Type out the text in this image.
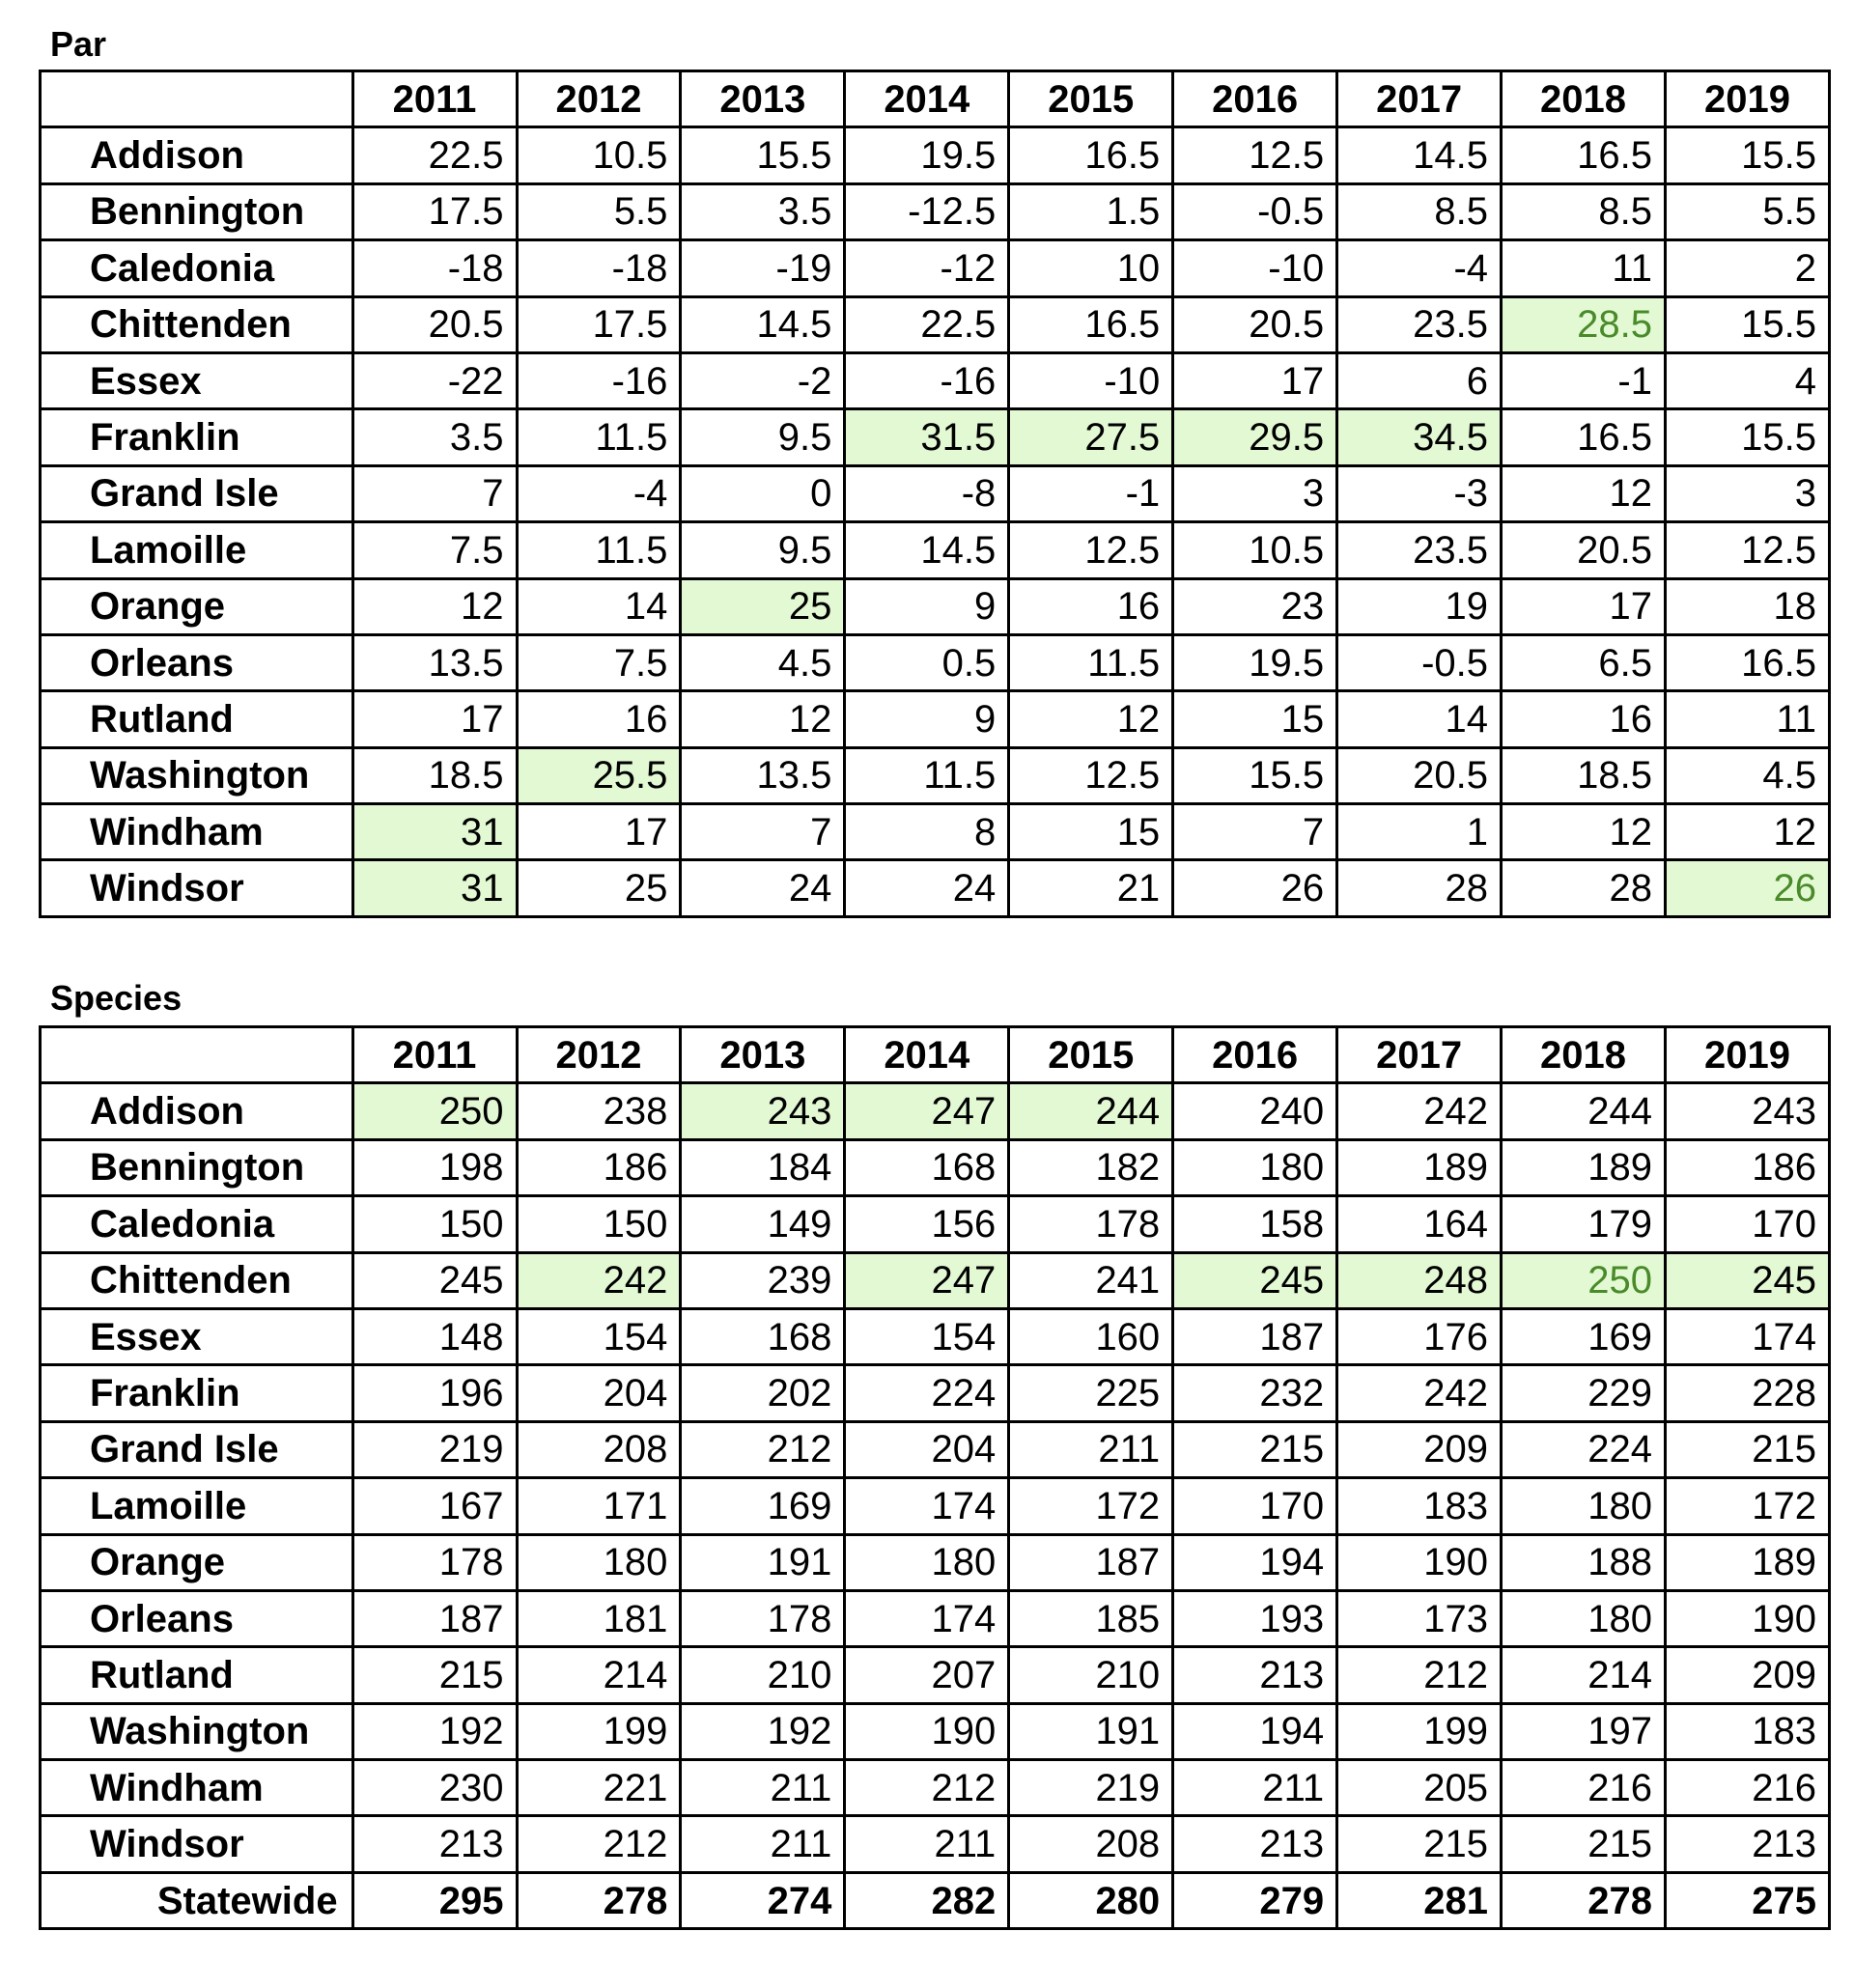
Par
	2011	2012	2013	2014	2015	2016	2017	2018	2019
Addison	22.5	10.5	15.5	19.5	16.5	12.5	14.5	16.5	15.5
Bennington	17.5	5.5	3.5	-12.5	1.5	-0.5	8.5	8.5	5.5
Caledonia	-18	-18	-19	-12	10	-10	-4	11	2
Chittenden	20.5	17.5	14.5	22.5	16.5	20.5	23.5	28.5	15.5
Essex	-22	-16	-2	-16	-10	17	6	-1	4
Franklin	3.5	11.5	9.5	31.5	27.5	29.5	34.5	16.5	15.5
Grand Isle	7	-4	0	-8	-1	3	-3	12	3
Lamoille	7.5	11.5	9.5	14.5	12.5	10.5	23.5	20.5	12.5
Orange	12	14	25	9	16	23	19	17	18
Orleans	13.5	7.5	4.5	0.5	11.5	19.5	-0.5	6.5	16.5
Rutland	17	16	12	9	12	15	14	16	11
Washington	18.5	25.5	13.5	11.5	12.5	15.5	20.5	18.5	4.5
Windham	31	17	7	8	15	7	1	12	12
Windsor	31	25	24	24	21	26	28	28	26
Species
	2011	2012	2013	2014	2015	2016	2017	2018	2019
Addison	250	238	243	247	244	240	242	244	243
Bennington	198	186	184	168	182	180	189	189	186
Caledonia	150	150	149	156	178	158	164	179	170
Chittenden	245	242	239	247	241	245	248	250	245
Essex	148	154	168	154	160	187	176	169	174
Franklin	196	204	202	224	225	232	242	229	228
Grand Isle	219	208	212	204	211	215	209	224	215
Lamoille	167	171	169	174	172	170	183	180	172
Orange	178	180	191	180	187	194	190	188	189
Orleans	187	181	178	174	185	193	173	180	190
Rutland	215	214	210	207	210	213	212	214	209
Washington	192	199	192	190	191	194	199	197	183
Windham	230	221	211	212	219	211	205	216	216
Windsor	213	212	211	211	208	213	215	215	213
Statewide	295	278	274	282	280	279	281	278	275
